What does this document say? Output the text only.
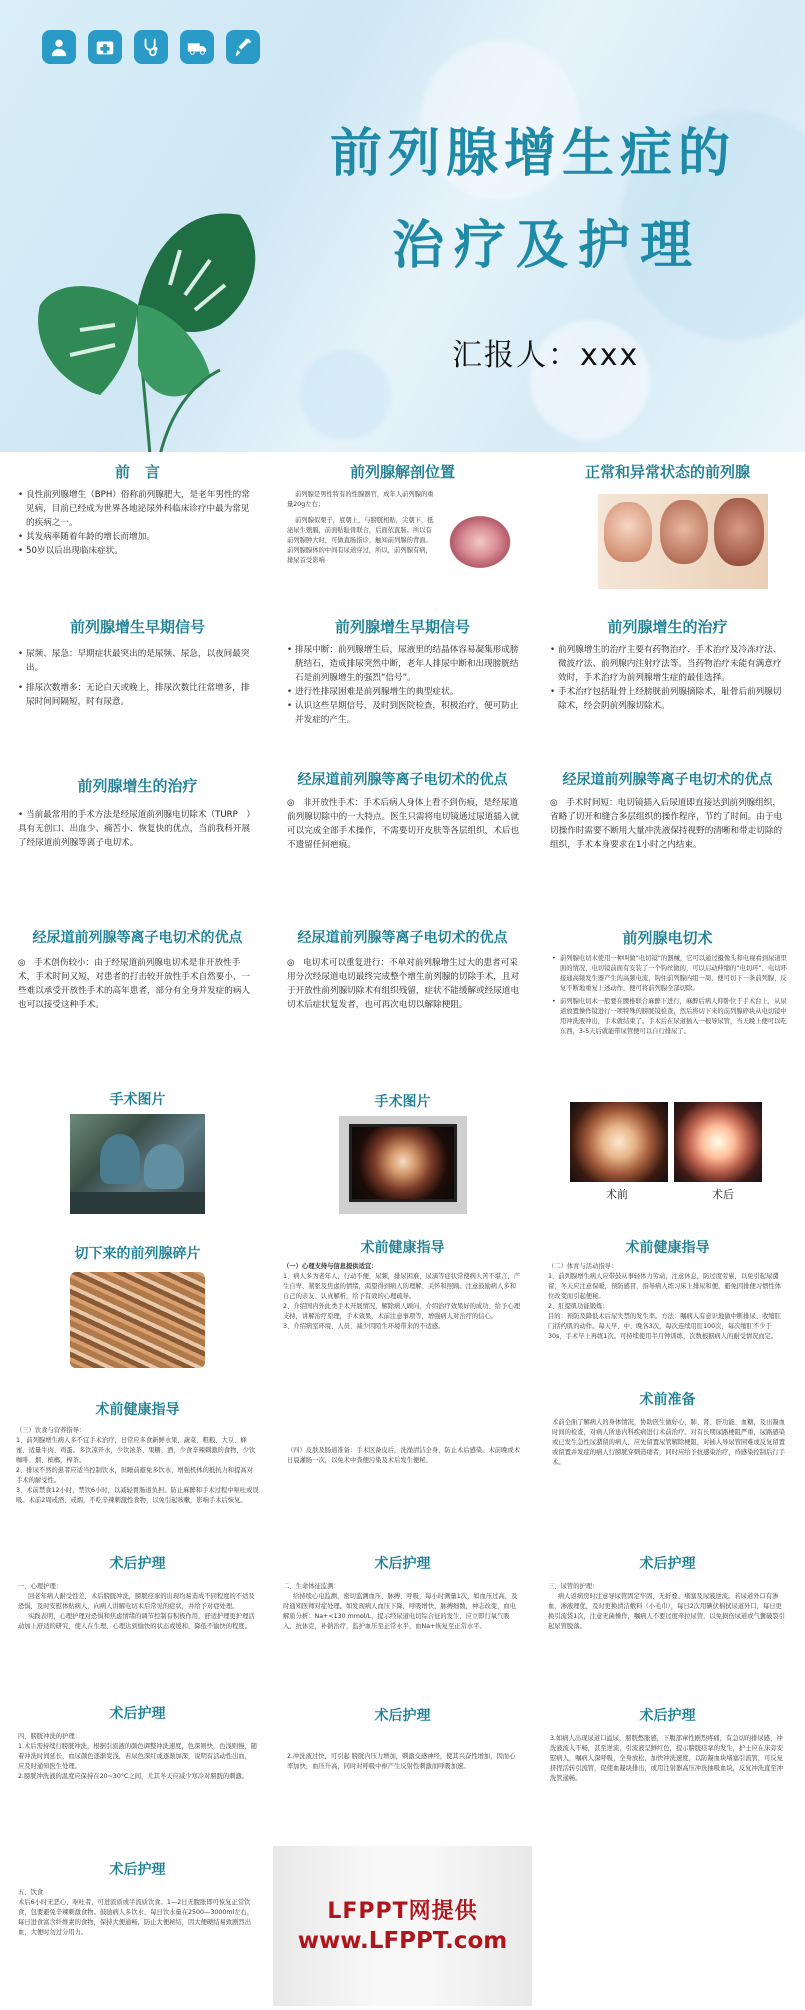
前列腺增生症的
治疗及护理
汇报人：xxx
前　言
• 良性前列腺增生（BPH）俗称前列腺肥大，是老年男性的常见病，目前已经成为世界各地泌尿外科临床诊疗中最为常见的疾病之一。
• 其发病率随着年龄的增长而增加。
• 50岁以后出现临床症状。
前列腺解剖位置
前列腺是男性特有的性腺器官，成年人前列腺的重量20g左右；
前列腺似栗子，底朝上，与膀胱相贴，尖朝下，抵泌尿生殖膈，前面贴耻骨联合，后面依直肠。所以有前列腺肿大时，可做直肠指诊，触知前列腺的背面。前列腺腺体的中间有尿道穿过，所以，前列腺有病，排尿首受影响
正常和异常状态的前列腺
前列腺增生早期信号
• 尿频、尿急：早期症状最突出的是尿频、尿急，以夜间最突出。
• 排尿次数增多：无论白天或晚上，排尿次数比往常增多，排尿时间间隔短，时有尿意。
前列腺增生早期信号
• 排尿中断：前列腺增生后，尿液里的结晶体容易凝集形成膀胱结石，造成排尿突然中断，老年人排尿中断和出现膀胱结石是前列腺增生的强烈“信号”。
• 进行性排尿困难是前列腺增生的典型症状。
• 认识这些早期信号，及时到医院检查，积极治疗，便可防止并发症的产生。
前列腺增生的治疗
• 前列腺增生的治疗主要有药物治疗、手术治疗及冷冻疗法、微波疗法、前列腺内注射疗法等。当药物治疗未能有满意疗效时，手术治疗为前列腺增生症的最佳选择。
• 手术治疗包括耻骨上经膀胱前列腺摘除术，耻骨后前列腺切除术，经会阴前列腺切除术。
前列腺增生的治疗
• 当前最常用的手术方法是经尿道前列腺电切除术（TURP　）
具有无创口、出血少、痛苦小、恢复快的优点，当前我科开展了经尿道前列腺等离子电切术。
经尿道前列腺等离子电切术的优点
◎　非开放性手术：手术后病人身体上看不到伤痕，是经尿道前列腺切除中的一大特点。医生只需将电切镜通过尿道插入就可以完成全部手术操作，不需要切开皮肤等各层组织，术后也不遗留任何疤痕。
经尿道前列腺等离子电切术的优点
◎　手术时间短：电切镜插入后尿道即直接达到前列腺组织，省略了切开和缝合多层组织的操作程序，节约了时间。由于电切操作时需要不断用大量冲洗液保持视野的清晰和带走切除的组织，手术本身要求在1小时之内结束。
经尿道前列腺等离子电切术的优点
◎　手术创伤较小：由于经尿道前列腺电切术是非开放性手术，手术时间又短，对患者的打击较开放性手术自然要小，一些难以承受开放性手术的高年患者，部分有全身并发症的病人也可以接受这种手术。
经尿道前列腺等离子电切术的优点
◎　电切术可以重复进行：不单对前列腺增生过大的患者可采用分次经尿道电切最终完成整个增生前列腺的切除手术，且对于开放性前列腺切除术有组织残留，症状不能缓解或经尿道电切术后症状复发者，也可再次电切以解除梗阻。
前列腺电切术
• 前列腺电切术使用一种叫做“电切镜”的器械，它可以通过摄像头和电视看到尿道里面的情况，电切镜前面有安装了一个钩丝做的，可以启动伸缩的“电切环”，电切环接通高频发生器产生的高频电流，钩住前列腺内组一周，便可切下一条前列腺，反复不断地重复上述动作，便可将前列腺全部切除。
• 前列腺电切术一般要在腰椎联合麻醉下进行，麻醉后病人仰卧位于手术台上，从尿道放置操作镜进行一项特殊的膀胱镜检查，然后将切下来的前列腺碎块从电切镜中用冲洗液冲出，手术就结束了。手术后在尿道插入一根导尿管，当天晚上便可以吃东西，3-5天后就能带尿管便可以自行排尿了。
手术图片	手术图片
术前	术后
切下来的前列腺碎片	术前健康指导
（一）心理支持与信息提供适宜：
1、病人多为老年人，行动不便，尿频，排尿困难，尿滴等症状常使病人苦不堪言，产生自卑、紧张及焦虑的情绪，渴望得到病人的理解、关怀和照顾。注意鼓励病人多和自己的亲友、认真解析，给予有效的心理疏导。
2、介绍国内外此类手术开展情况，解除病人顾问，介绍治疗效果好的成功、给予心理支持，讲解治疗原理，手术效果，术前注意事项等，增强病人对治疗的信心。
3、介绍病室环境、人员，减少因陌生环境带来的不适感。
术前健康指导
（二）体育与活动指导：
1、前列腺增生病人应带鼓从事轻体力劳动，注意休息，防过度劳累，以免引起尿潴留，冬天应注意保暖，预防感冒，指导病人练习床上排尿和便，避免因排便习惯性体位改变而引起便秘。
2、肛提肌功能锻炼：
目的：预防及降低术后尿失禁的发生率。方法：嘱病人有意识地做中断排尿、收缩肛门括约肌的动作。每天早、中、晚各3次，每次连续用肛100次，每次缩肛不少于30s，手术早上再练1次。可持续使用半月钟训练，次数根据病人的耐受情况而定。
术前健康指导
（三）饮食与营养指导：
1、前列腺增生病人多不宜手术治疗，日常应多食新鲜水果、蔬菜、粗粮、大豆、蜂蜜、适量牛肉、鸡蛋。多饮凉开水，少饮浓茶、果糖、酒，少食辛辣刺激的食物，少饮咖啡、烟、槟榔，榨茶。
2、排尿不然的患者应适当控制饮水，但睡前避免多饮水，增强机体的抵抗力和提高对手术的耐受性。
3、术前禁食12小时，禁饮6小时，以减轻胃肠道负担。防止麻醉和手术过程中呕吐或误吸。术前2周戒酒、戒烟，不吃辛辣刺激性食物，以免引起咳嗽，影响手术后恢复。
（四）皮肤及肠道准备：手术区备皮后，洗澡清洁全身，防止术后感染。术前晚或术日晨灌肠一次，以免术中粪便污染及术后发生便秘。
术前准备
术前全面了解病人的身体情况，协助医生做好心、肺、肾、肝功能、血糖，及出凝血时间的检查，对病人所患内科疾病进行术前治疗。对有长期尿路梗阻严重，尿路感染或已发生急性尿潴留的病人，应先留置尿管解除梗阻，对插入导尿管困难或反复留置或留置并发症的病人行膀胱穿刺造瘘者，同时应给予抗感染治疗，待感染控制后行手术。
术后护理
一、心理护理：
回老年病人耐受性差，术后膀胱冲洗，膀胱痉挛的出现均易造成不同程度的不适及恐惧，及时安慰体贴病人，向病人讲解电切术后常见的症状，并给予对症处理。
实践表明，心理护理对恐惧和焦虑情绪的调节控制有积极作用，舒适护理更护理活动加上舒适的研究，使人在生理、心理达到愉快的状态或缓和，降低不愉快的程度。
术后护理
二、生命体征监测：
给持续心电监测，密切监测血压、脉搏、呼吸，每小时测量1次，如血压过高，及时通知医师对症处理。如发现病人血压下降，呼吸增快，脉搏细数，神志改变，血电解质分析：Na+<130 mmol/L，提示经尿道电切综合征的发生，应立即行氧气吸入，抗休克，补钠治疗，监护血压至正常水平，血Na+恢复至正常水平。
术后护理
三、尿管的护理：
病人返病房时注意导尿管固定牢固，无折叠、堵塞及尿液逆流。若尿道外口有渗血，渗液理优，及时更换清洁敷料（小毛巾），每日2次用碘伏棉拭尿道外口，每日更换引流袋1次，注意无菌操作，嘱病人不要过度牵拉尿管，以免损伤尿道或气囊破裂引起尿管脱落。
术后护理
四、膀胱冲洗的护理：
1.术后需持续行膀胱冲洗，根据引流液的颜色调整冲洗速度，色深则快，色浅则慢，随着冲洗时间延长，血尿颜色逐渐变浅，若尿色深红或逐渐加深，说明有活动性出血，应及时通知医生处理。
2.膀胱冲洗液的温度应保持在20~30°C之间，尤其冬天应减少寒冷对膀胱的刺激。
术后护理
2.冲洗液过快，可引起 膀胱内压力增加，刺激交感神经，使其兴奋性增加，因而心率加快，血压升高，同时对呼吸中枢产生反射性刺激而呼吸加速。
术后护理
3.如病人出现尿道口溢尿，膀胱憋胀感，下腹部窜性剧烈疼痛，有急切的排尿感，冲洗液流入不畅，甚至逆流，引流液呈鲜红色，提示膀胱痉挛的发生，护士应在床旁安慰病人，嘱病人深呼吸，全身放松，加快冲洗速度，以防凝血块堵塞引流管，可反复挤捏活转引流管，促使血凝块排出，或用注射器高压冲洗抽吸血块，反复冲洗直至冲洗管通畅。
术后护理
五、饮食
术后6小时无恶心、呕吐者，可进流质或半流质饮食。1—2日无腹胀即可恢复正常饮食，包要避免辛辣刺激食物。鼓励病人多饮水，每日饮水量在2500—3000ml左右，每日进食富含纤维素的食物，保持大便通畅，防止大便秘结，因大便硬结易致剧烈出血，大便时勿过分用力。
LFPPT网提供
www.LFPPT.com
